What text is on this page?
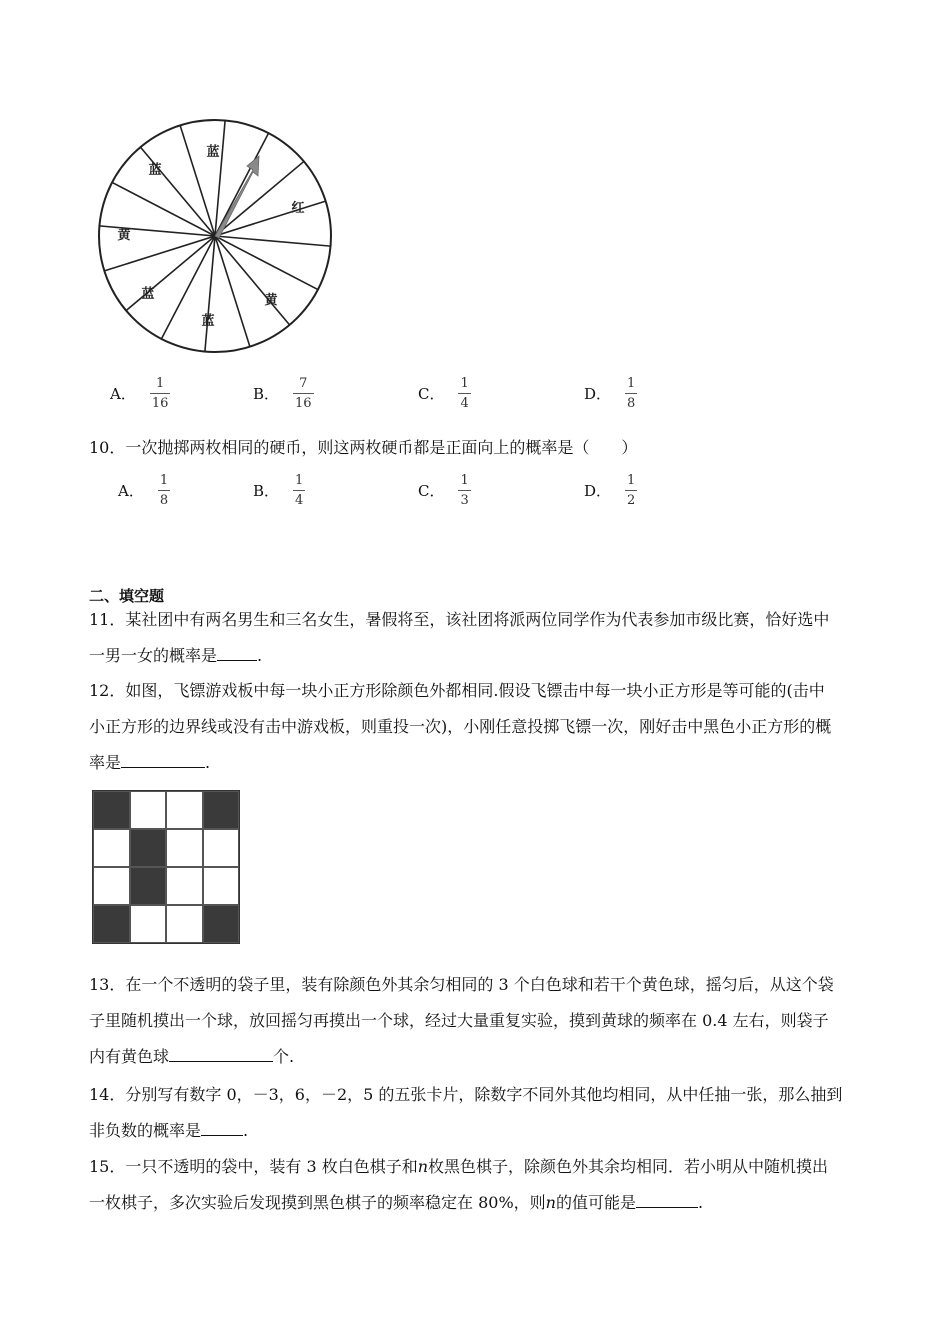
蓝
蓝
红
黄
蓝
蓝
黄
A． $\frac{1}{16}$	B． $\frac{7}{16}$	C． $\frac{1}{4}$	D． $\frac{1}{8}$
10．一次抛掷两枚相同的硬币，则这两枚硬币都是正面向上的概率是（　　）
A． $\frac{1}{8}$	B． $\frac{1}{4}$	C． $\frac{1}{3}$	D． $\frac{1}{2}$
二、填空题
11．某社团中有两名男生和三名女生，暑假将至，该社团将派两位同学作为代表参加市级比赛，恰好选中
一男一女的概率是	.
12．如图，飞镖游戏板中每一块小正方形除颜色外都相同.假设飞镖击中每一块小正方形是等可能的(击中
小正方形的边界线或没有击中游戏板，则重投一次)，小刚任意投掷飞镖一次，刚好击中黑色小正方形的概
率是	.
13．在一个不透明的袋子里，装有除颜色外其余匀相同的 3 个白色球和若干个黄色球，摇匀后，从这个袋
子里随机摸出一个球，放回摇匀再摸出一个球，经过大量重复实验，摸到黄球的频率在 0.4 左右，则袋子
内有黄色球	个.
14．分别写有数字 0，－3，6，－2，5 的五张卡片，除数字不同外其他均相同，从中任抽一张，那么抽到
非负数的概率是	.
15．一只不透明的袋中，装有 3 枚白色棋子和n枚黑色棋子，除颜色外其余均相同．若小明从中随机摸出
一枚棋子，多次实验后发现摸到黑色棋子的频率稳定在 80%，则n的值可能是	.
